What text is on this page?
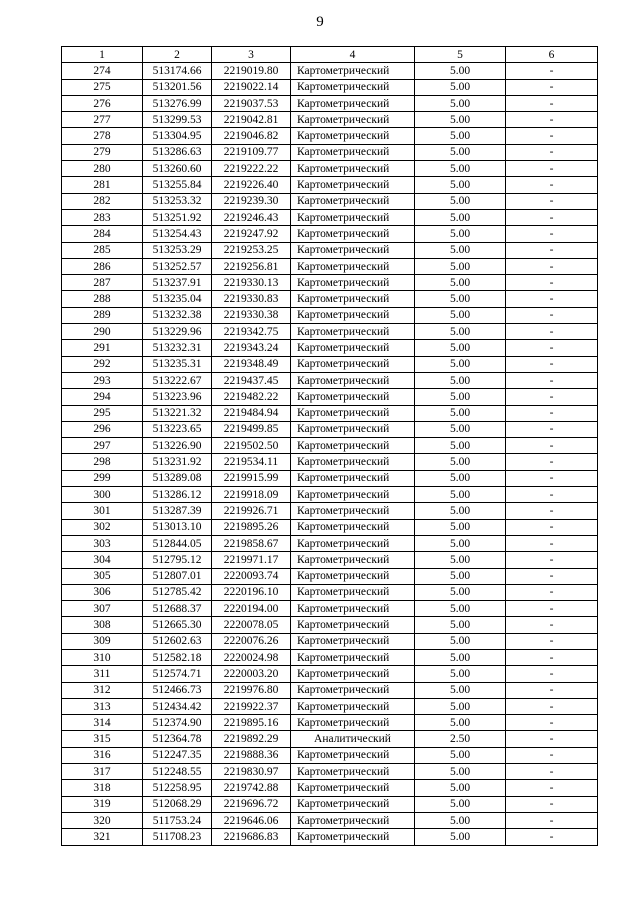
9
1	2	3	4	5	6
274	513174.66	2219019.80	Картометрический	5.00	-
275	513201.56	2219022.14	Картометрический	5.00	-
276	513276.99	2219037.53	Картометрический	5.00	-
277	513299.53	2219042.81	Картометрический	5.00	-
278	513304.95	2219046.82	Картометрический	5.00	-
279	513286.63	2219109.77	Картометрический	5.00	-
280	513260.60	2219222.22	Картометрический	5.00	-
281	513255.84	2219226.40	Картометрический	5.00	-
282	513253.32	2219239.30	Картометрический	5.00	-
283	513251.92	2219246.43	Картометрический	5.00	-
284	513254.43	2219247.92	Картометрический	5.00	-
285	513253.29	2219253.25	Картометрический	5.00	-
286	513252.57	2219256.81	Картометрический	5.00	-
287	513237.91	2219330.13	Картометрический	5.00	-
288	513235.04	2219330.83	Картометрический	5.00	-
289	513232.38	2219330.38	Картометрический	5.00	-
290	513229.96	2219342.75	Картометрический	5.00	-
291	513232.31	2219343.24	Картометрический	5.00	-
292	513235.31	2219348.49	Картометрический	5.00	-
293	513222.67	2219437.45	Картометрический	5.00	-
294	513223.96	2219482.22	Картометрический	5.00	-
295	513221.32	2219484.94	Картометрический	5.00	-
296	513223.65	2219499.85	Картометрический	5.00	-
297	513226.90	2219502.50	Картометрический	5.00	-
298	513231.92	2219534.11	Картометрический	5.00	-
299	513289.08	2219915.99	Картометрический	5.00	-
300	513286.12	2219918.09	Картометрический	5.00	-
301	513287.39	2219926.71	Картометрический	5.00	-
302	513013.10	2219895.26	Картометрический	5.00	-
303	512844.05	2219858.67	Картометрический	5.00	-
304	512795.12	2219971.17	Картометрический	5.00	-
305	512807.01	2220093.74	Картометрический	5.00	-
306	512785.42	2220196.10	Картометрический	5.00	-
307	512688.37	2220194.00	Картометрический	5.00	-
308	512665.30	2220078.05	Картометрический	5.00	-
309	512602.63	2220076.26	Картометрический	5.00	-
310	512582.18	2220024.98	Картометрический	5.00	-
311	512574.71	2220003.20	Картометрический	5.00	-
312	512466.73	2219976.80	Картометрический	5.00	-
313	512434.42	2219922.37	Картометрический	5.00	-
314	512374.90	2219895.16	Картометрический	5.00	-
315	512364.78	2219892.29	Аналитический	2.50	-
316	512247.35	2219888.36	Картометрический	5.00	-
317	512248.55	2219830.97	Картометрический	5.00	-
318	512258.95	2219742.88	Картометрический	5.00	-
319	512068.29	2219696.72	Картометрический	5.00	-
320	511753.24	2219646.06	Картометрический	5.00	-
321	511708.23	2219686.83	Картометрический	5.00	-
